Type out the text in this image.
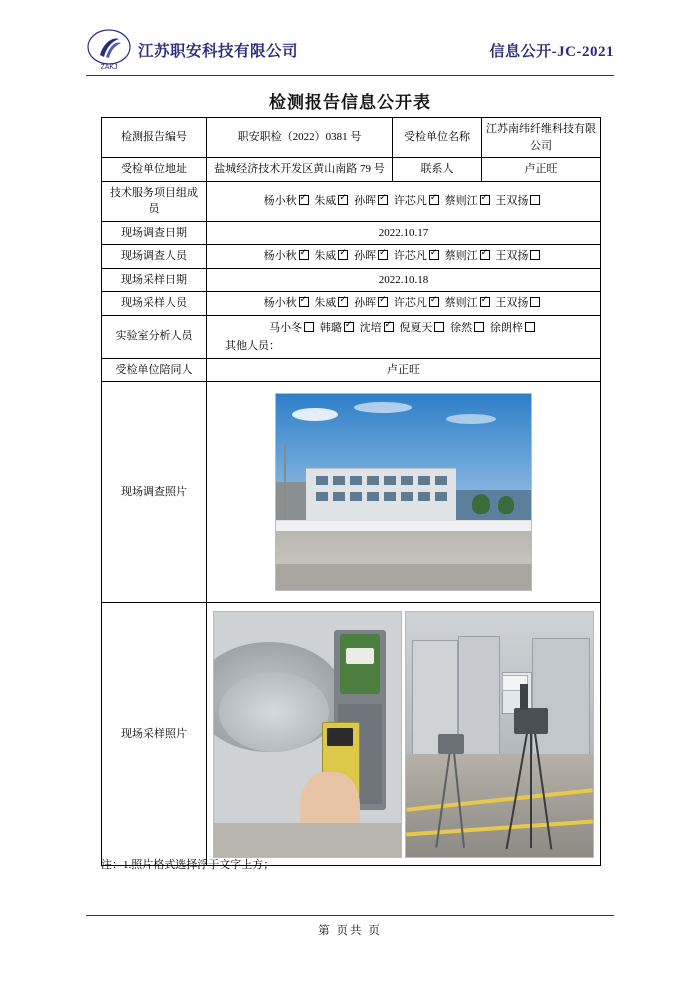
ZAKJ
江苏职安科技有限公司	信息公开-JC-2021
检测报告信息公开表
检测报告编号	职安职检（2022）0381 号	受检单位名称	江苏南纬纤维科技有限公司
受检单位地址	盐城经济技术开发区黄山南路 79 号	联系人	卢正旺
技术服务项目组成员	杨小秋 ✓ 朱威 ✓ 孙晖 ✓ 许芯凡 ✓ 蔡则江 ✓ 王双扬
现场调查日期	2022.10.17		
现场调查人员	杨小秋 ✓ 朱威 ✓ 孙晖 ✓ 许芯凡 ✓ 蔡则江 ✓ 王双扬
现场采样日期	2022.10.18		
现场采样人员	杨小秋 ✓ 朱威 ✓ 孙晖 ✓ 许芯凡 ✓ 蔡则江 ✓ 王双扬
实验室分析人员	马小冬 韩璐 ✓ 沈培 ✓ 倪夏天 徐然 徐朗梓
其他人员：

受检单位陪同人	卢正旺		
现场调查照片			

现场采样照片			
注：1.照片格式选择浮于文字上方；
第 页共 页
